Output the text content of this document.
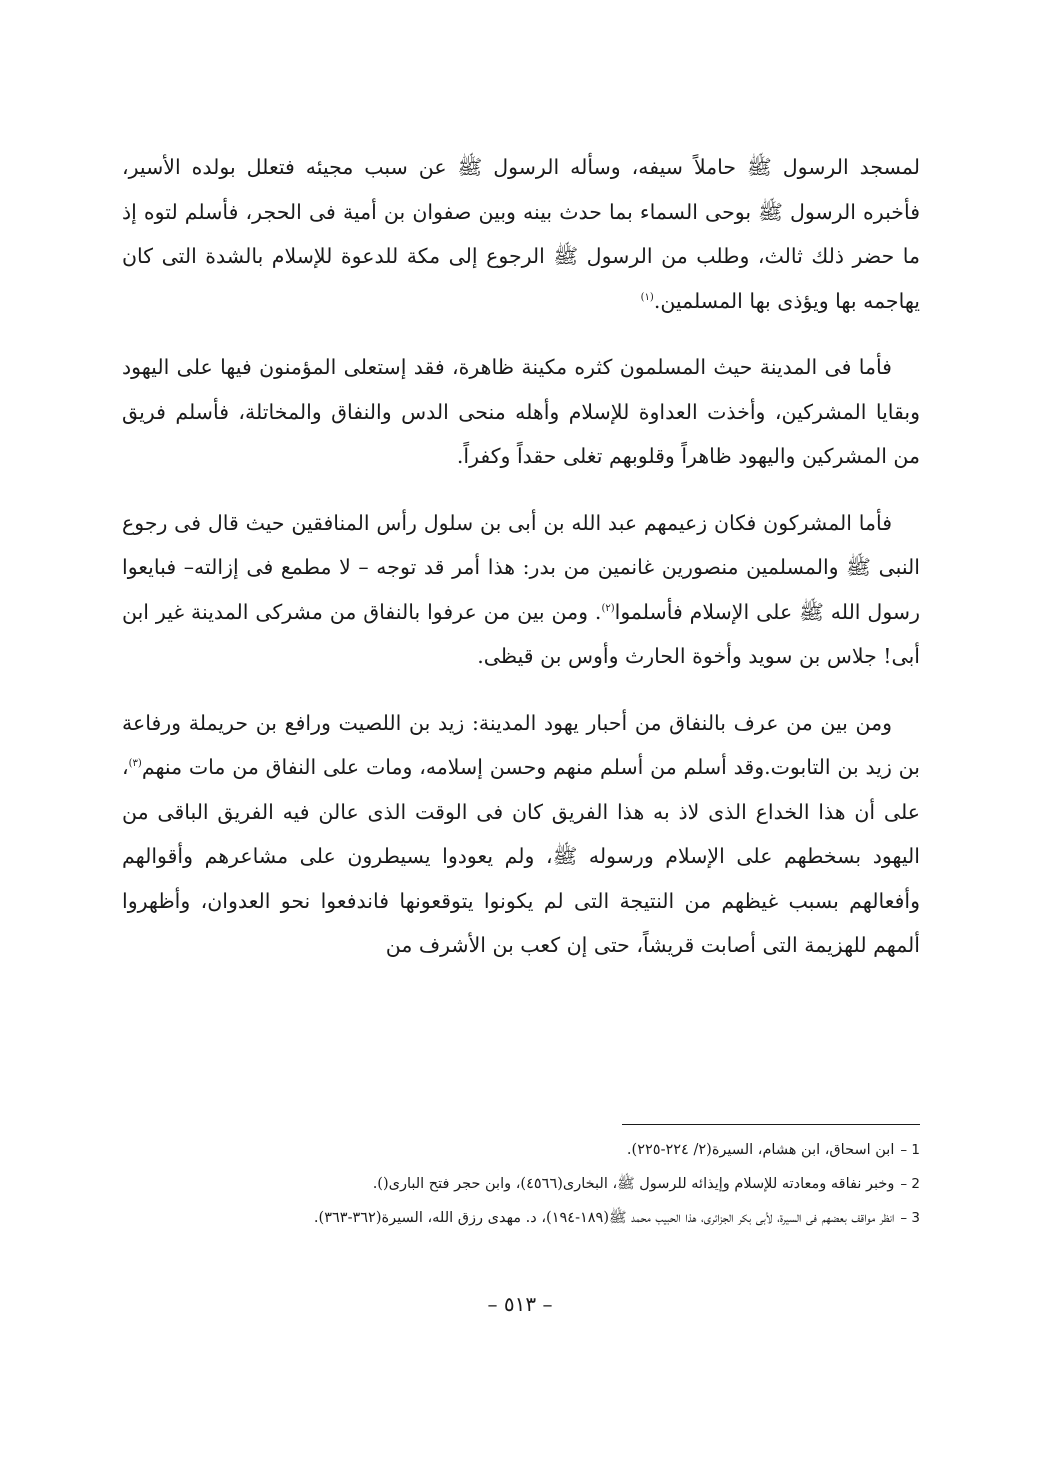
لمسجد الرسول ﷺ حاملاً سيفه، وسأله الرسول ﷺ عن سبب مجيئه فتعلل بولده الأسير، فأخبره الرسول ﷺ بوحى السماء بما حدث بينه وبين صفوان بن أمية فى الحجر، فأسلم لتوه إذ ما حضر ذلك ثالث، وطلب من الرسول ﷺ الرجوع إلى مكة للدعوة للإسلام بالشدة التى كان يهاجمه بها ويؤذى بها المسلمين.$^{(١)}$

فأما فى المدينة حيث المسلمون كثره مكينة ظاهرة، فقد إستعلى المؤمنون فيها على اليهود وبقايا المشركين، وأخذت العداوة للإسلام وأهله منحى الدس والنفاق والمخاتلة، فأسلم فريق من المشركين واليهود ظاهراً وقلوبهم تغلى حقداً وكفراً.

فأما المشركون فكان زعيمهم عبد الله بن أبى بن سلول رأس المنافقين حيث قال فى رجوع النبى ﷺ والمسلمين منصورين غانمين من بدر: هذا أمر قد توجه – لا مطمع فى إزالته– فبايعوا رسول الله ﷺ على الإسلام فأسلموا$^{(٢)}$. ومن بين من عرفوا بالنفاق من مشركى المدينة غير ابن أبى! جلاس بن سويد وأخوة الحارث وأوس بن قيظى.

ومن بين من عرف بالنفاق من أحبار يهود المدينة: زيد بن اللصيت ورافع بن حريملة ورفاعة بن زيد بن التابوت.وقد أسلم من أسلم منهم وحسن إسلامه، ومات على النفاق من مات منهم$^{(٣)}$، على أن هذا الخداع الذى لاذ به هذا الفريق كان فى الوقت الذى عالن فيه الفريق الباقى من اليهود بسخطهم على الإسلام ورسوله ﷺ، ولم يعودوا يسيطرون على مشاعرهم وأقوالهم وأفعالهم بسبب غيظهم من النتيجة التى لم يكونوا يتوقعونها فاندفعوا نحو العدوان، وأظهروا ألمهم للهزيمة التى أصابت قريشاً، حتى إن كعب بن الأشرف من

1 –
ابن اسحاق، ابن هشام، السيرة(٢/ ٢٢٤-٢٢٥).
2 –
وخبر نفاقه ومعادته للإسلام وإيذائه للرسول ﷺ، البخارى(٤٥٦٦)، وابن حجر فتح البارى().
3 –
انظر مواقف بعضهم فى السيرة، لأبى بكر الجزائرى، هذا الحبيب محمد ﷺ(١٨٩-١٩٤)، د. مهدى رزق الله، السيرة(٣٦٢-٣٦٣).
– ٥١٣ –
